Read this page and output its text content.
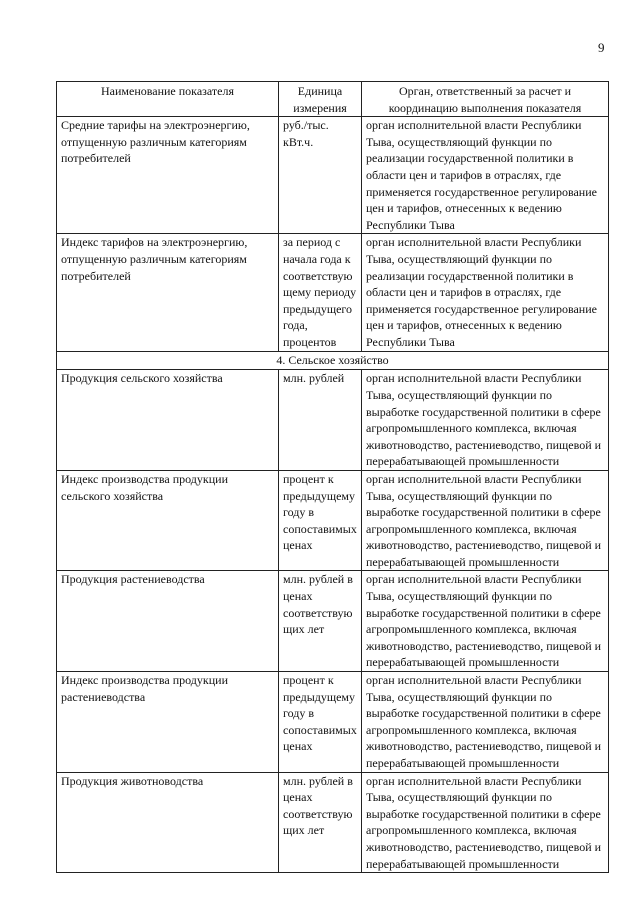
9
Наименование показателя	Единица измерения	Орган, ответственный за расчет и координацию выполнения показателя
Средние тарифы на электроэнергию, отпущенную различным категориям потребителей	руб./тыс. кВт.ч.	орган исполнительной власти Республики Тыва, осуществляющий функции по реализации государственной политики в области цен и тарифов в отраслях, где применяется государственное регулирование цен и тарифов, отнесенных к ведению Республики Тыва
Индекс тарифов на электроэнергию, отпущенную различным категориям потребителей	за период с начала года к соответствующему периоду предыдущего года, процентов	орган исполнительной власти Республики Тыва, осуществляющий функции по реализации государственной политики в области цен и тарифов в отраслях, где применяется государственное регулирование цен и тарифов, отнесенных к ведению Республики Тыва
4. Сельское хозяйство		
Продукция сельского хозяйства	млн. рублей	орган исполнительной власти Республики Тыва, осуществляющий функции по выработке государственной политики в сфере агропромышленного комплекса, включая животноводство, растениеводство, пищевой и перерабатывающей промышленности
Индекс производства продукции сельского хозяйства	процент к предыдущему году в сопоставимых ценах	орган исполнительной власти Республики Тыва, осуществляющий функции по выработке государственной политики в сфере агропромышленного комплекса, включая животноводство, растениеводство, пищевой и перерабатывающей промышленности
Продукция растениеводства	млн. рублей в ценах соответствующих лет	орган исполнительной власти Республики Тыва, осуществляющий функции по выработке государственной политики в сфере агропромышленного комплекса, включая животноводство, растениеводство, пищевой и перерабатывающей промышленности
Индекс производства продукции растениеводства	процент к предыдущему году в сопоставимых ценах	орган исполнительной власти Республики Тыва, осуществляющий функции по выработке государственной политики в сфере агропромышленного комплекса, включая животноводство, растениеводство, пищевой и перерабатывающей промышленности
Продукция животноводства	млн. рублей в ценах соответствующих лет	орган исполнительной власти Республики Тыва, осуществляющий функции по выработке государственной политики в сфере агропромышленного комплекса, включая животноводство, растениеводство, пищевой и перерабатывающей промышленности
